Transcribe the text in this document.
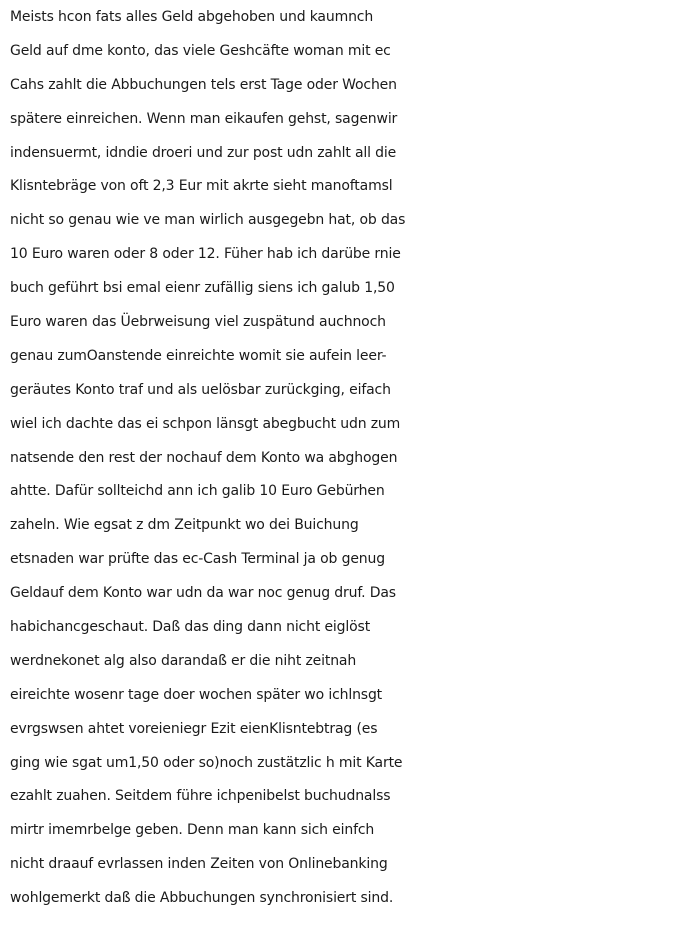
Meists hcon fats alles Geld abgehoben und kaumnch
Geld auf dme konto, das viele Geshcäfte woman mit ec
Cahs zahlt die Abbuchungen tels erst Tage oder Wochen
spätere einreichen. Wenn man eikaufen gehst, sagenwir
indensuermt, idndie droeri und zur post udn zahlt all die
Klisntebräge von oft 2,3 Eur mit akrte sieht manoftamsl
nicht so genau wie ve man wirlich ausgegebn hat, ob das
10 Euro waren oder 8 oder 12. Füher hab ich darübe rnie
buch geführt bsi emal eienr zufällig siens ich galub 1,50
Euro waren das Üebrweisung viel zuspätund auchnoch
genau zumOanstende einreichte womit sie aufein leer-
geräutes Konto traf und als uelösbar zurückging, eifach
wiel ich dachte das ei schpon länsgt abegbucht udn zum
natsende den rest der nochauf dem Konto wa abghogen
ahtte. Dafür sollteichd ann ich galib 10 Euro Gebürhen
zaheln. Wie egsat z dm Zeitpunkt wo dei Buichung
etsnaden war prüfte das ec-Cash Terminal ja ob genug
Geldauf dem Konto war udn da war noc genug druf. Das
habichancgeschaut. Daß das ding dann nicht eiglöst
werdnekonet alg also darandaß er die niht zeitnah
eireichte wosenr tage doer wochen später wo ichlnsgt
evrgswsen ahtet voreieniegr Ezit eienKlisntebtrag (es
ging wie sgat um1,50 oder so)noch zustätzlic h mit Karte
ezahlt zuahen. Seitdem führe ichpenibelst buchudnalss
mirtr imemrbelge geben. Denn man kann sich einfch
nicht draauf evrlassen inden Zeiten von Onlinebanking
wohlgemerkt daß die Abbuchungen synchronisiert sind.
